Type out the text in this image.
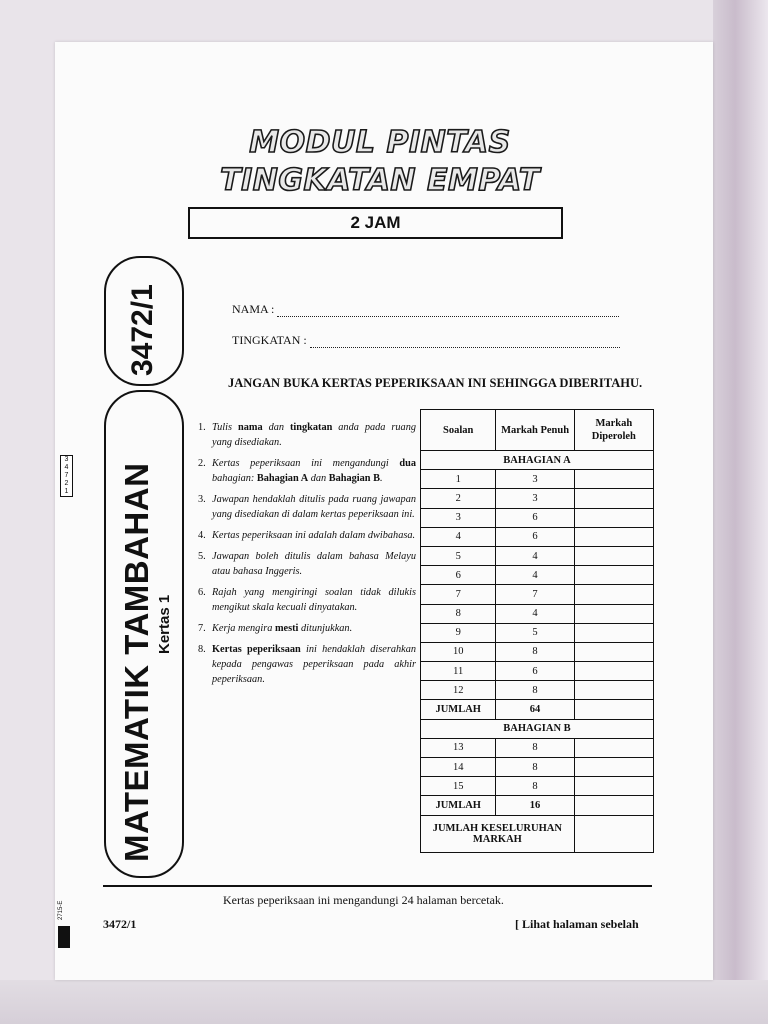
MODUL PINTAS
TINGKATAN EMPAT
2 JAM
3472/1
MATEMATIK TAMBAHAN Kertas 1
NAMA :
TINGKATAN :
JANGAN BUKA KERTAS PEPERIKSAAN INI SEHINGGA DIBERITAHU.
1. Tulis nama dan tingkatan anda pada ruang yang disediakan.
2. Kertas peperiksaan ini mengandungi dua bahagian: Bahagian A dan Bahagian B.
3. Jawapan hendaklah ditulis pada ruang jawapan yang disediakan di dalam kertas peperiksaan ini.
4. Kertas peperiksaan ini adalah dalam dwibahasa.
5. Jawapan boleh ditulis dalam bahasa Melayu atau bahasa Inggeris.
6. Rajah yang mengiringi soalan tidak dilukis mengikut skala kecuali dinyatakan.
7. Kerja mengira mesti ditunjukkan.
8. Kertas peperiksaan ini hendaklah diserahkan kepada pengawas peperiksaan pada akhir peperiksaan.
Soalan	Markah Penuh	Markah Diperoleh
BAHAGIAN A		
1	3	
2	3	
3	6	
4	6	
5	4	
6	4	
7	7	
8	4	
9	5	
10	8	
11	6	
12	8	
JUMLAH	64	
BAHAGIAN B		
13	8	
14	8	
15	8	
JUMLAH	16	
JUMLAH KESELURUHAN MARKAH		
Kertas peperiksaan ini mengandungi 24 halaman bercetak.
3472/1	[ Lihat halaman sebelah
3
4
7
2
1
2715-E
